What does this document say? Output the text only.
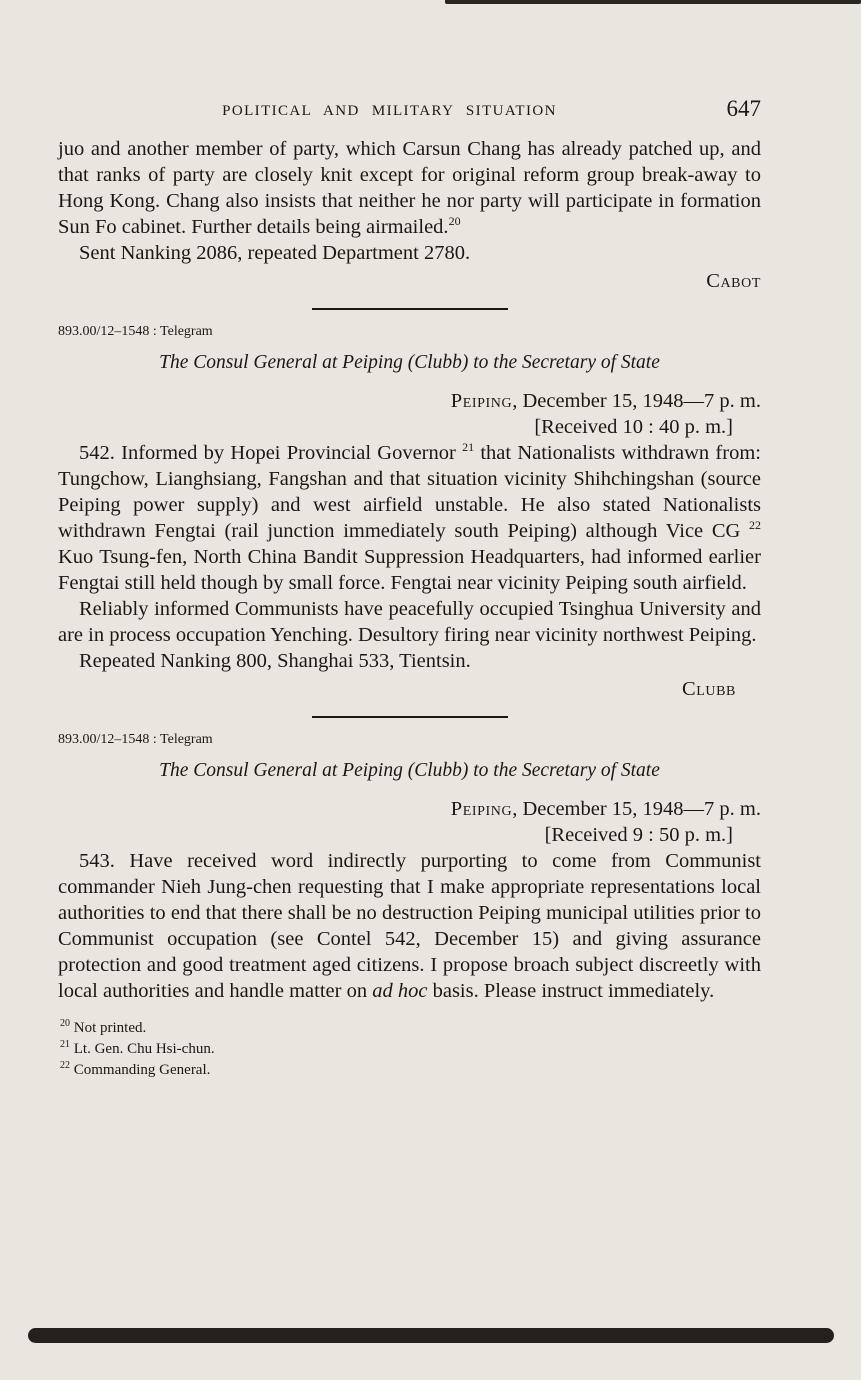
POLITICAL AND MILITARY SITUATION	647

juo and another member of party, which Carsun Chang has already patched up, and that ranks of party are closely knit except for original reform group break-away to Hong Kong. Chang also insists that neither he nor party will participate in formation Sun Fo cabinet. Further details being airmailed.$^{20}$

Sent Nanking 2086, repeated Department 2780.

Cabot

893.00/12–1548 : Telegram

The Consul General at Peiping (Clubb) to the Secretary of State

Peiping, December 15, 1948—7 p. m.

[Received 10 : 40 p. m.]

542. Informed by Hopei Provincial Governor $^{21}$ that Nationalists withdrawn from: Tungchow, Lianghsiang, Fangshan and that situation vicinity Shihchingshan (source Peiping power supply) and west airfield unstable. He also stated Nationalists withdrawn Fengtai (rail junction immediately south Peiping) although Vice CG $^{22}$ Kuo Tsung-fen, North China Bandit Suppression Headquarters, had informed earlier Fengtai still held though by small force. Fengtai near vicinity Peiping south airfield.

Reliably informed Communists have peacefully occupied Tsinghua University and are in process occupation Yenching. Desultory firing near vicinity northwest Peiping.

Repeated Nanking 800, Shanghai 533, Tientsin.

Clubb

893.00/12–1548 : Telegram

The Consul General at Peiping (Clubb) to the Secretary of State

Peiping, December 15, 1948—7 p. m.

[Received 9 : 50 p. m.]

543. Have received word indirectly purporting to come from Communist commander Nieh Jung-chen requesting that I make appropriate representations local authorities to end that there shall be no destruction Peiping municipal utilities prior to Communist occupation (see Contel 542, December 15) and giving assurance protection and good treatment aged citizens. I propose broach subject discreetly with local authorities and handle matter on ad hoc basis. Please instruct immediately.

$^{20}$ Not printed.
$^{21}$ Lt. Gen. Chu Hsi-chun.
$^{22}$ Commanding General.
